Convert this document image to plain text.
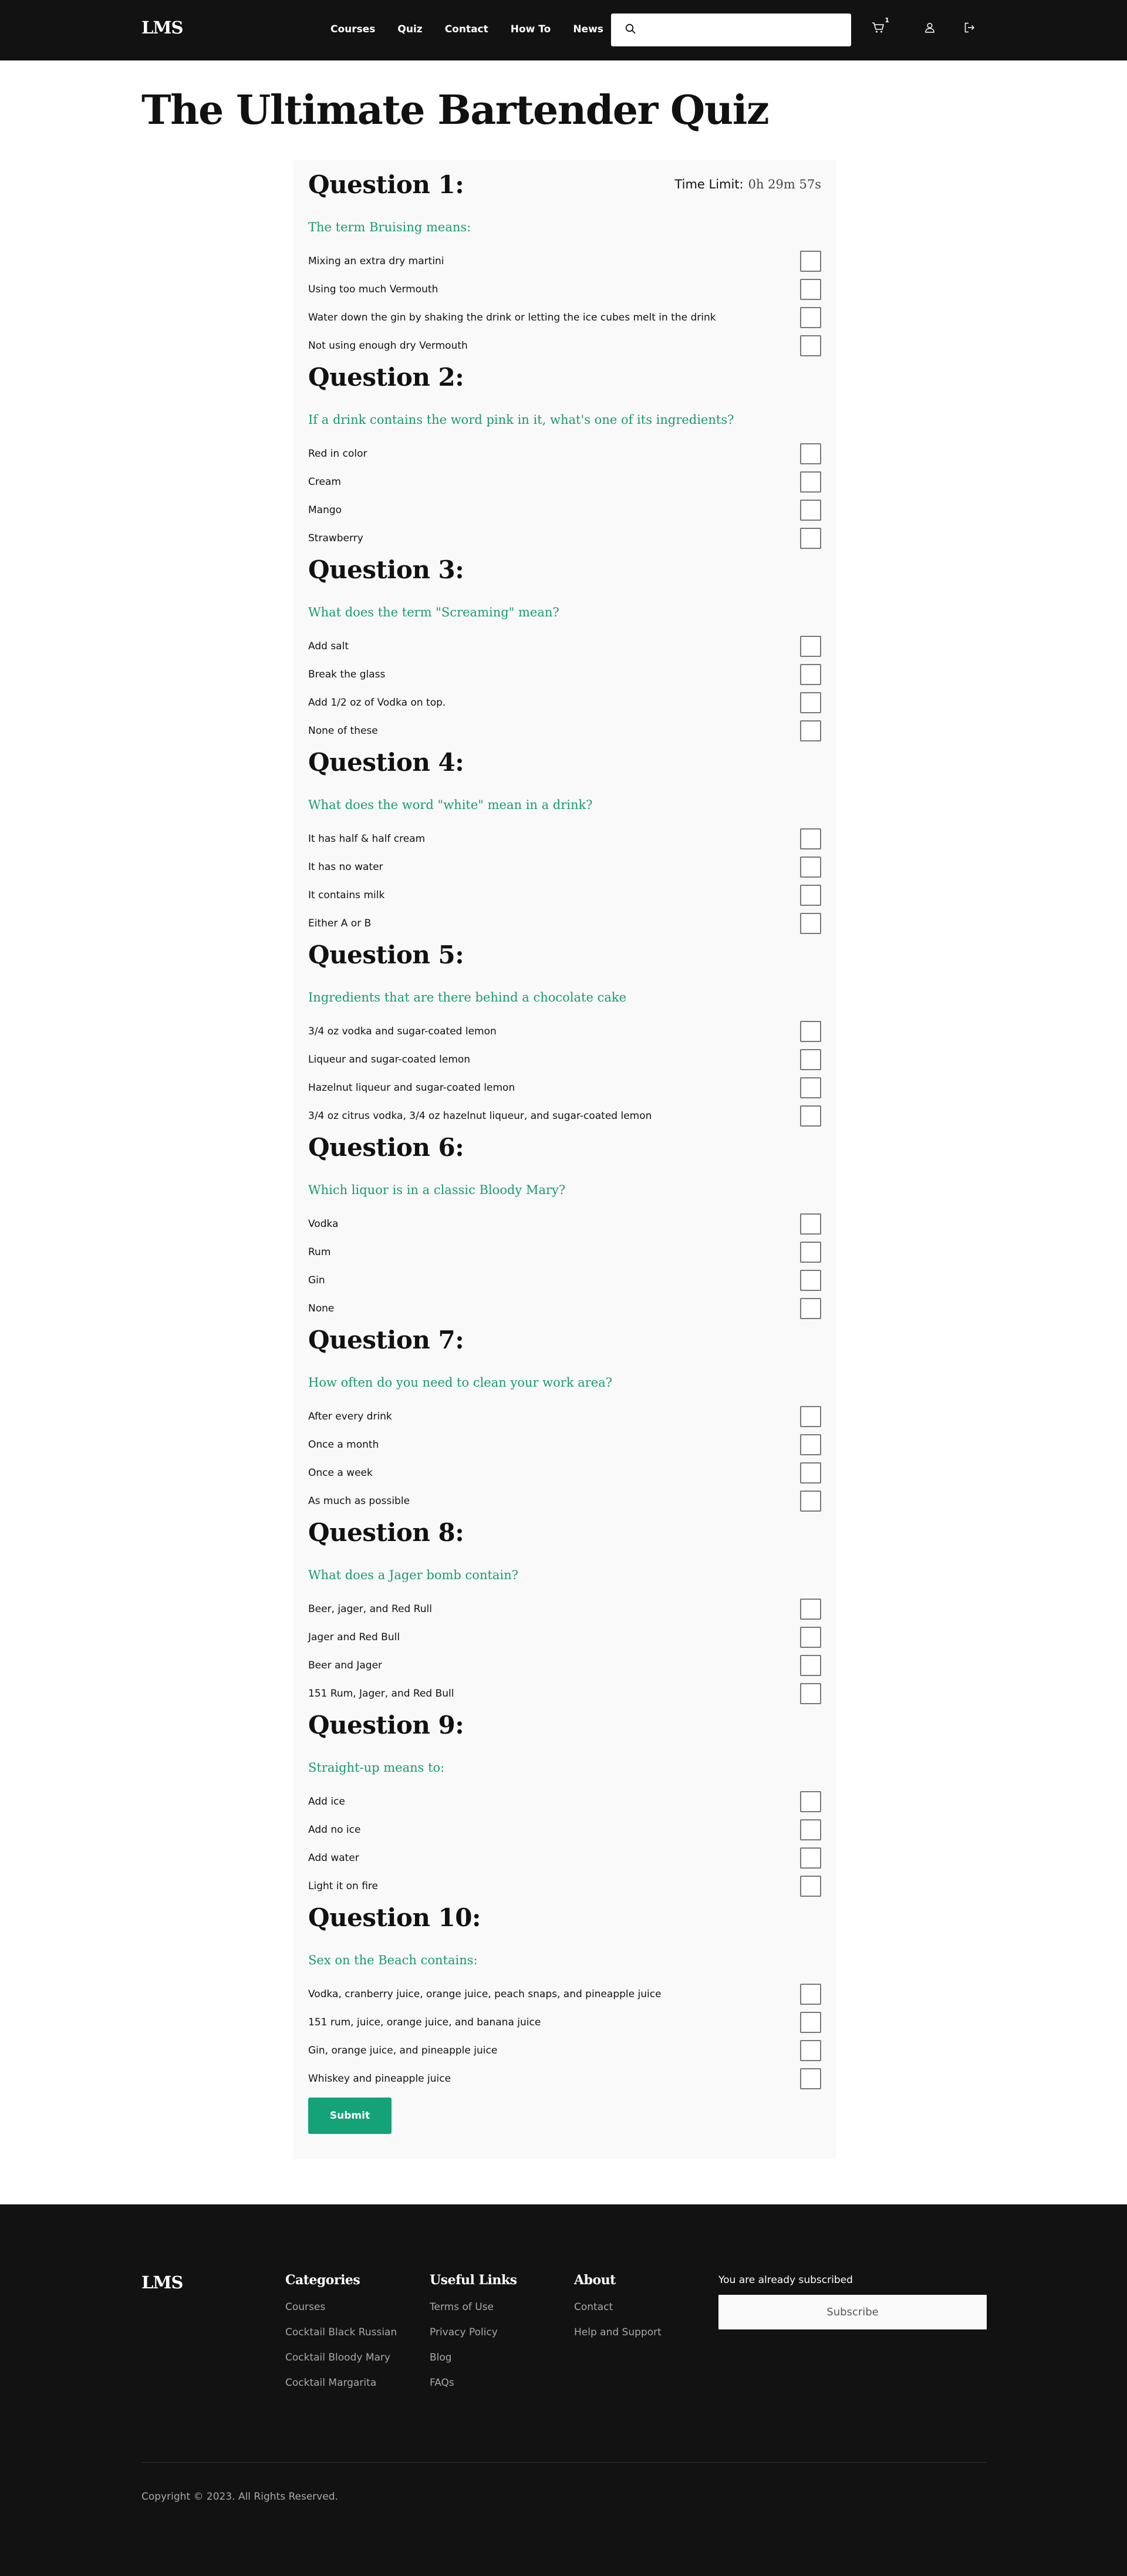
LMS	Courses Quiz Contact How To News
1
The Ultimate Bartender Quiz
Time Limit: 0h 29m 57s
Question 1:
The term Bruising means:
Mixing an extra dry martini
Using too much Vermouth
Water down the gin by shaking the drink or letting the ice cubes melt in the drink
Not using enough dry Vermouth
Question 2:
If a drink contains the word pink in it, what's one of its ingredients?
Red in color
Cream
Mango
Strawberry
Question 3:
What does the term "Screaming" mean?
Add salt
Break the glass
Add 1/2 oz of Vodka on top.
None of these
Question 4:
What does the word "white" mean in a drink?
It has half & half cream
It has no water
It contains milk
Either A or B
Question 5:
Ingredients that are there behind a chocolate cake
3/4 oz vodka and sugar-coated lemon
Liqueur and sugar-coated lemon
Hazelnut liqueur and sugar-coated lemon
3/4 oz citrus vodka, 3/4 oz hazelnut liqueur, and sugar-coated lemon
Question 6:
Which liquor is in a classic Bloody Mary?
Vodka
Rum
Gin
None
Question 7:
How often do you need to clean your work area?
After every drink
Once a month
Once a week
As much as possible
Question 8:
What does a Jager bomb contain?
Beer, jager, and Red Rull
Jager and Red Bull
Beer and Jager
151 Rum, Jager, and Red Bull
Question 9:
Straight-up means to:
Add ice
Add no ice
Add water
Light it on fire
Question 10:
Sex on the Beach contains:
Vodka, cranberry juice, orange juice, peach snaps, and pineapple juice
151 rum, juice, orange juice, and banana juice
Gin, orange juice, and pineapple juice
Whiskey and pineapple juice
Submit
LMS	Categories
Courses
Cocktail Black Russian
Cocktail Bloody Mary
Cocktail Margarita
Useful Links
Terms of Use
Privacy Policy
Blog
FAQs
About
Contact
Help and Support
You are already subscribed
Subscribe
Copyright © 2023. All Rights Reserved.
